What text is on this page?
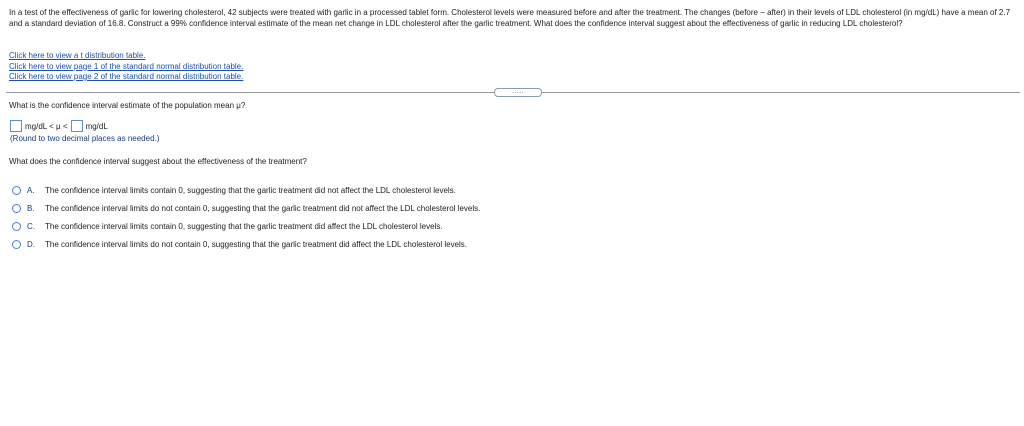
In a test of the effectiveness of garlic for lowering cholesterol, 42 subjects were treated with garlic in a processed tablet form. Cholesterol levels were measured before and after the treatment. The changes (before − after) in their levels of LDL cholesterol (in mg/dL) have a mean of 2.7 and a standard deviation of 16.8. Construct a 99% confidence interval estimate of the mean net change in LDL cholesterol after the garlic treatment. What does the confidence interval suggest about the effectiveness of garlic in reducing LDL cholesterol?
Click here to view a t distribution table.
Click here to view page 1 of the standard normal distribution table.
Click here to view page 2 of the standard normal distribution table.
.....
What is the confidence interval estimate of the population mean μ?
mg/dL < μ < mg/dL
(Round to two decimal places as needed.)
What does the confidence interval suggest about the effectiveness of the treatment?
A.	The confidence interval limits contain 0, suggesting that the garlic treatment did not affect the LDL cholesterol levels.
B.	The confidence interval limits do not contain 0, suggesting that the garlic treatment did not affect the LDL cholesterol levels.
C.	The confidence interval limits contain 0, suggesting that the garlic treatment did affect the LDL cholesterol levels.
D.	The confidence interval limits do not contain 0, suggesting that the garlic treatment did affect the LDL cholesterol levels.
